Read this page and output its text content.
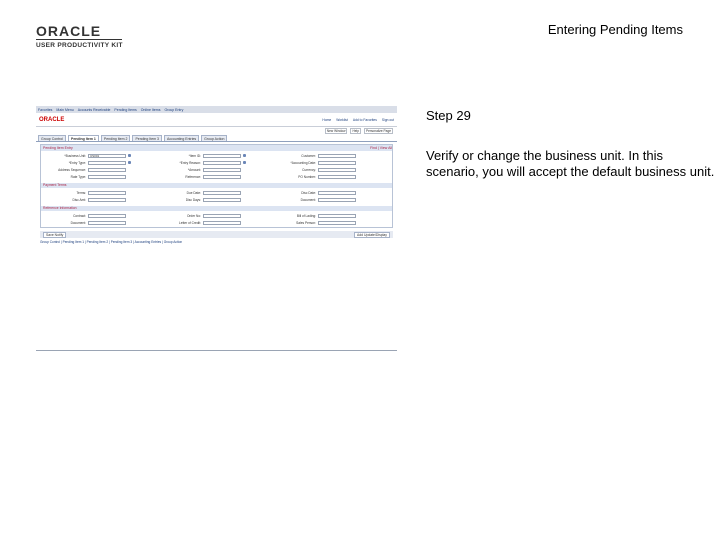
ORACLE
USER PRODUCTIVITY KIT
Entering Pending Items
Favorites Main Menu Accounts Receivable Pending Items Online Items Group Entry
ORACLE	Home Worklist Add to Favorites Sign out
New Window	Help	Personalize Page
Group Control	Pending Item 1	Pending Item 2	Pending Item 3	Accounting Entries	Group Action
Pending Item Entry	Find | View All
*Business Unit:	US001	*Item ID:	Customer:
*Entry Type:	*Entry Reason:	*Accounting Date:
Address Sequence:	*Amount:	Currency:
Rate Type:	Reference:	PO Number:
Payment Terms
Terms:	Due Date:	Disc Date:
Disc Amt:	Disc Days:	Document:
Reference Information
Contract:	Order No:	Bill of Lading:
Document:	Letter of Credit:	Sales Person:
Save Notify	Add Update/Display
Group Control | Pending Item 1 | Pending Item 2 | Pending Item 3 | Accounting Entries | Group Action
Step 29
Verify or change the business unit. In this scenario, you will accept the default business unit.
